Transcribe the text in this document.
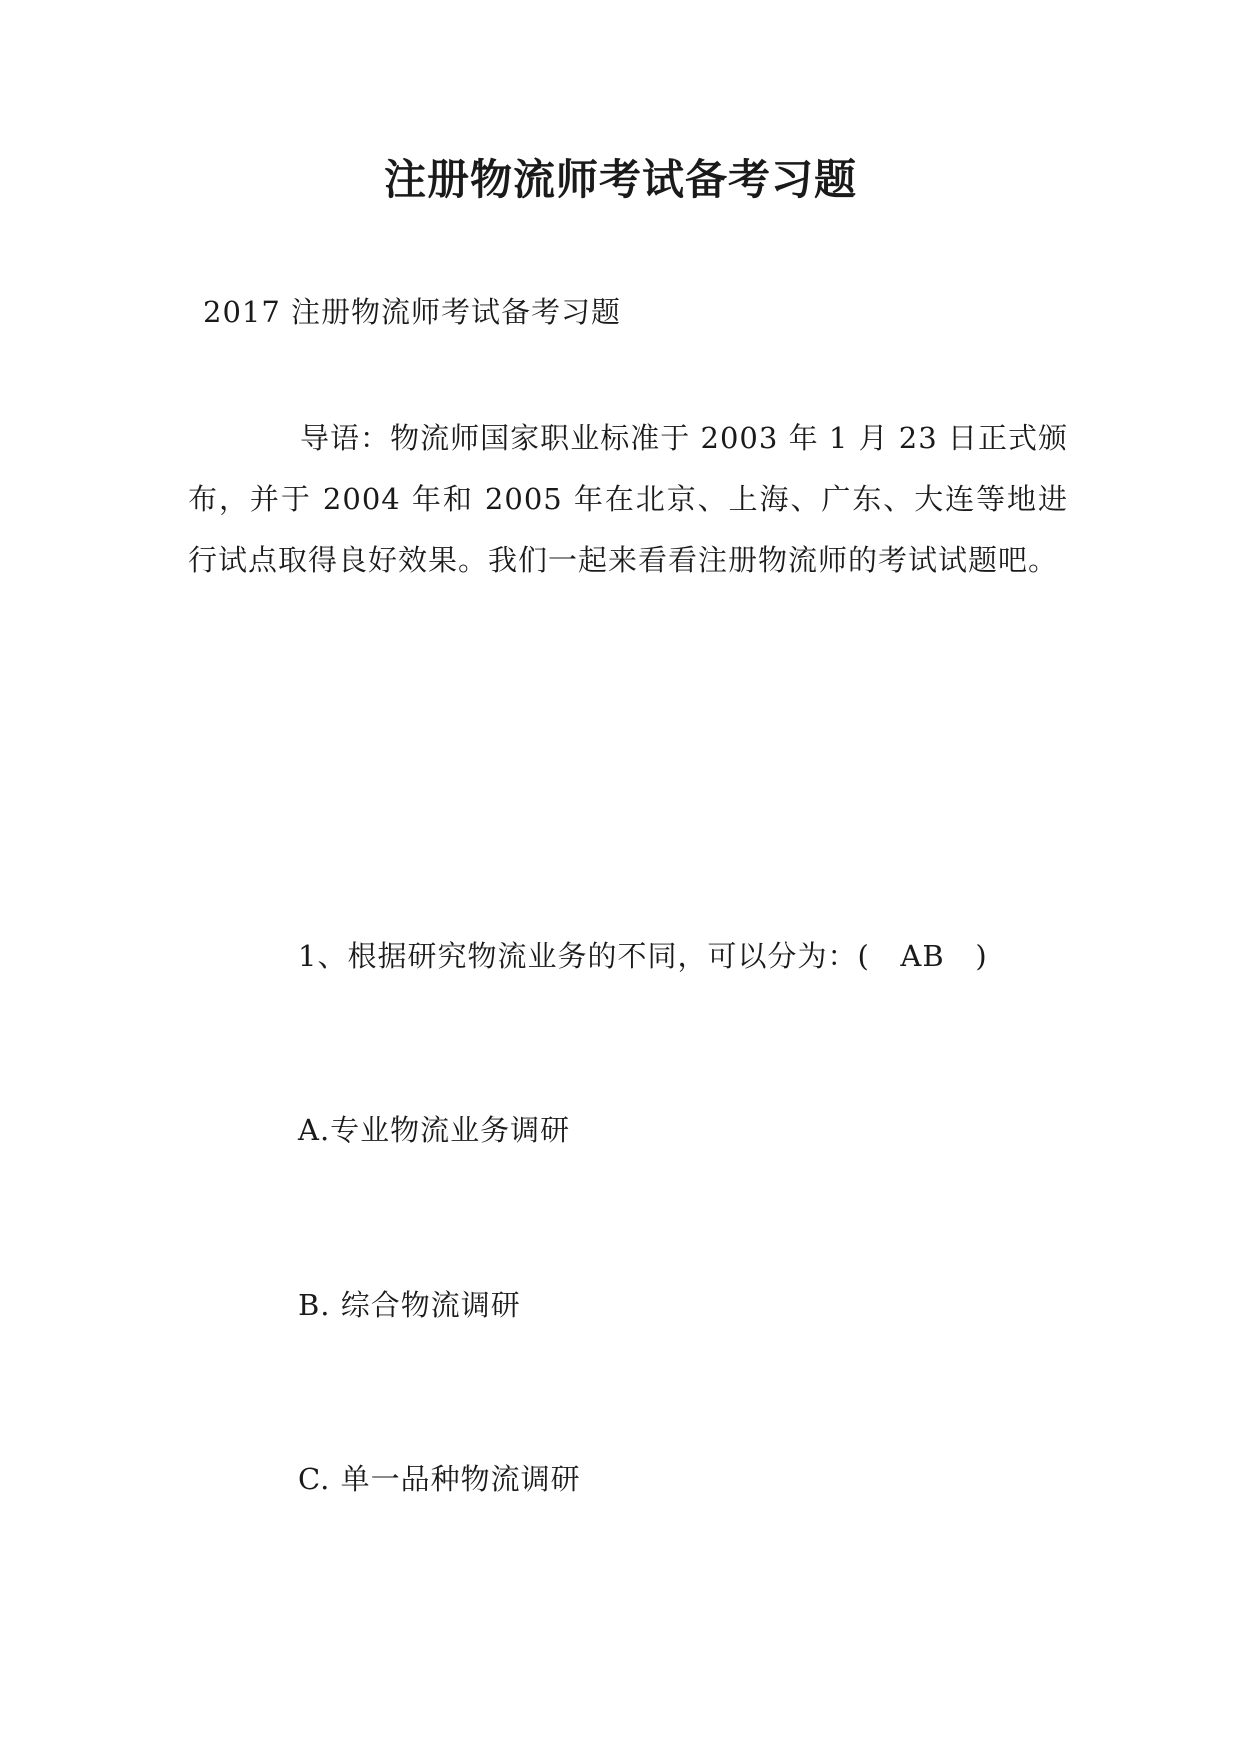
注册物流师考试备考习题
2017 注册物流师考试备考习题

导语：物流师国家职业标准于 2003 年 1 月 23 日正式颁布，并于 2004 年和 2005 年在北京、上海、广东、大连等地进行试点取得良好效果。我们一起来看看注册物流师的考试试题吧。

1、根据研究物流业务的不同，可以分为：(   AB   )
A.专业物流业务调研
B. 综合物流调研
C. 单一品种物流调研
